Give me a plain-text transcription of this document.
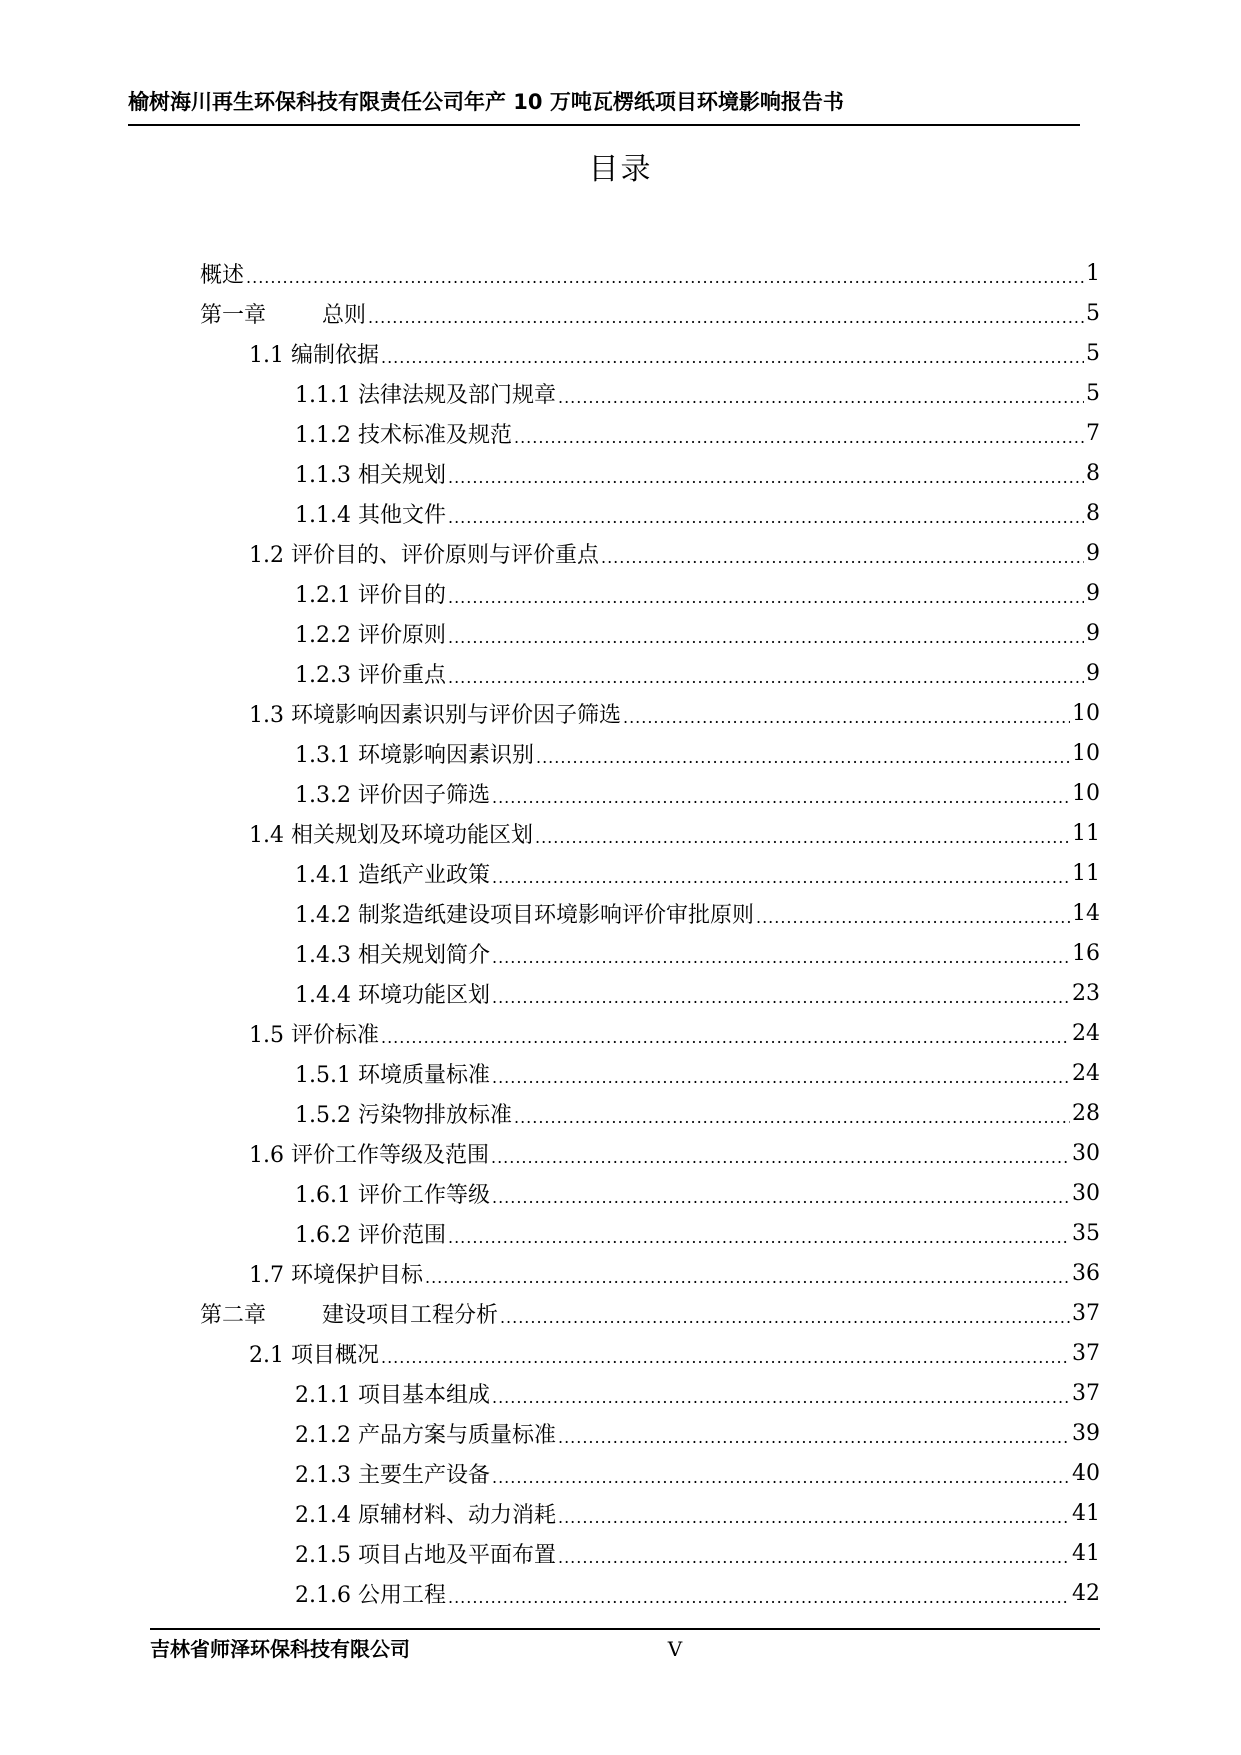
榆树海川再生环保科技有限责任公司年产 10 万吨瓦楞纸项目环境影响报告书
目录
概述 .....	1
第一章        总则 .....	5
1.1 编制依据 .....	5
1.1.1 法律法规及部门规章 .....	5
1.1.2 技术标准及规范 .....	7
1.1.3 相关规划 .....	8
1.1.4 其他文件 .....	8
1.2 评价目的、评价原则与评价重点 .....	9
1.2.1 评价目的 .....	9
1.2.2 评价原则 .....	9
1.2.3 评价重点 .....	9
1.3 环境影响因素识别与评价因子筛选 .....	10
1.3.1 环境影响因素识别 .....	10
1.3.2 评价因子筛选 .....	10
1.4 相关规划及环境功能区划 .....	11
1.4.1 造纸产业政策 .....	11
1.4.2 制浆造纸建设项目环境影响评价审批原则 .....	14
1.4.3 相关规划简介 .....	16
1.4.4 环境功能区划 .....	23
1.5 评价标准 .....	24
1.5.1 环境质量标准 .....	24
1.5.2 污染物排放标准 .....	28
1.6 评价工作等级及范围 .....	30
1.6.1 评价工作等级 .....	30
1.6.2 评价范围 .....	35
1.7 环境保护目标 .....	36
第二章        建设项目工程分析 .....	37
2.1 项目概况 .....	37
2.1.1 项目基本组成 .....	37
2.1.2 产品方案与质量标准 .....	39
2.1.3 主要生产设备 .....	40
2.1.4 原辅材料、动力消耗 .....	41
2.1.5 项目占地及平面布置 .....	41
2.1.6 公用工程 .....	42
吉林省师泽环保科技有限公司	V
